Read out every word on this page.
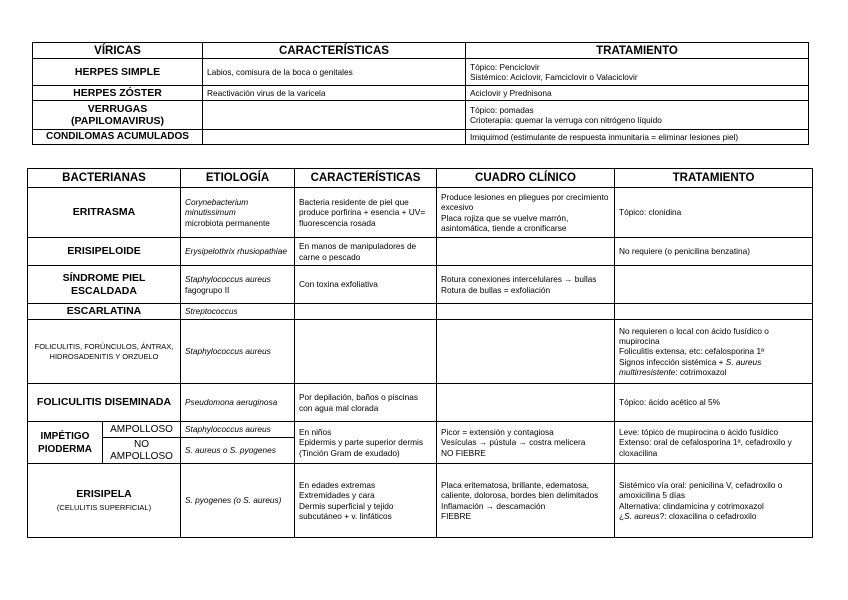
VÍRICAS	CARACTERÍSTICAS	TRATAMIENTO
HERPES SIMPLE	Labios, comisura de la boca o genitales	Tópico: Penciclovir
Sistémico: Aciclovir, Famciclovir o Valaciclovir
HERPES ZÓSTER	Reactivación virus de la varicela	Aciclovir y Prednisona
VERRUGAS
(PAPILOMAVIRUS)		Tópico: pomadas
Crioterapia: quemar la verruga con nitrógeno líquido
CONDILOMAS ACUMULADOS		Imiquimod (estimulante de respuesta inmunitaria = eliminar lesiones piel)
BACTERIANAS		ETIOLOGÍA	CARACTERÍSTICAS	CUADRO CLÍNICO	TRATAMIENTO
ERITRASMA		Corynebacterium minutissimum
microbiota permanente	Bacteria residente de piel que produce porfirina + esencia + UV= fluorescencia rosada	Produce lesiones en pliegues por crecimiento excesivo
Placa rojiza que se vuelve marrón, asintomática, tiende a cronificarse	Tópico: clonidina
ERISIPELOIDE		Erysipelothrix rhusiopathiae	En manos de manipuladores de carne o pescado		No requiere (o penicilina benzatina)
SÍNDROME PIEL ESCALDADA		Staphylococcus aureus
fagogrupo II	Con toxina exfoliativa	Rotura conexiones intercelulares → bullas
Rotura de bullas = exfoliación	
ESCARLATINA		Streptococcus			
FOLICULITIS, FORÚNCULOS, ÁNTRAX, HIDROSADENITIS Y ORZUELO		Staphylococcus aureus			No requieren o local con ácido fusídico o mupirocina
Foliculitis extensa, etc: cefalosporina 1ª
Signos infección sistémica + S. aureus multirresistente: cotrimoxazol
FOLICULITIS DISEMINADA		Pseudomona aeruginosa	Por depilación, baños o piscinas con agua mal clorada		Tópico: ácido acético al 5%
IMPÉTIGO PIODERMA	AMPOLLOSO	Staphylococcus aureus	En niños
Epidermis y parte superior dermis
(Tinción Gram de exudado)	Picor = extensión y contagiosa
Vesículas → pústula → costra melicera
NO FIEBRE	Leve: tópico de mupirocina o ácido fusídico
Extenso: oral de cefalosporina 1ª, cefadroxilo y cloxacilina
	NO AMPOLLOSO	S. aureus o S. pyogenes			
ERISIPELA
(CELULITIS SUPERFICIAL)		S. pyogenes (o S. aureus)	En edades extremas
Extremidades y cara
Dermis superficial y tejido subcutáneo + v. linfáticos	Placa eritematosa, brillante, edematosa, caliente, dolorosa, bordes bien delimitados
Inflamación → descamación
FIEBRE	Sistémico vía oral: penicilina V, cefadroxilo o amoxicilina 5 días
Alternativa: clindamicina y cotrimoxazol
¿S. aureus?: cloxacilina o cefadroxilo
